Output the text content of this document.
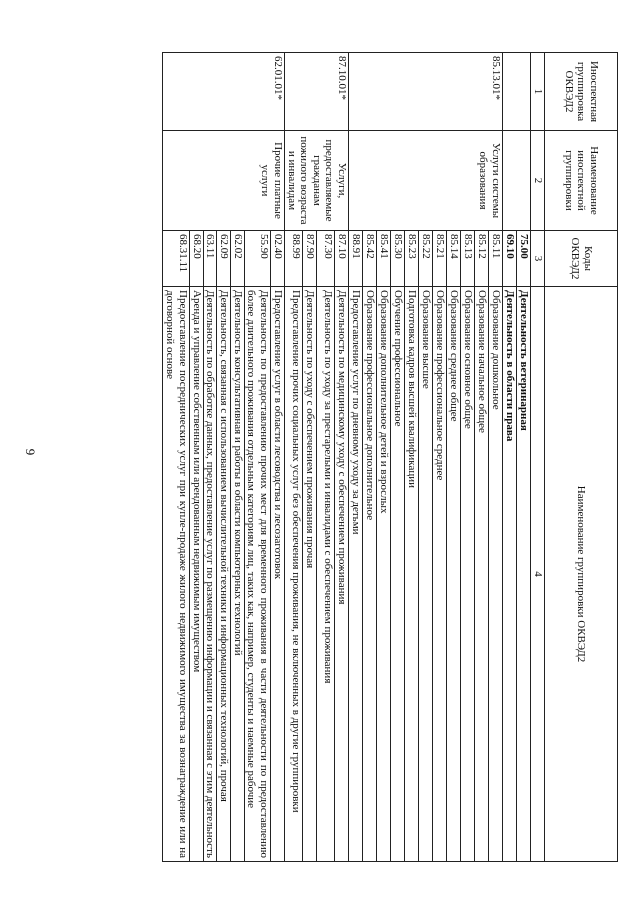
9
Иноспектная группировка ОКВЭД2	Наименование иноспектной группировки	Коды ОКВЭД2	Наименование группировки ОКВЭД2
1	2	3	4
		75.00	Деятельность ветеринарная
		69.10	Деятельность в области права
85.13.01*	Услуги системы образования	85.11	Образование дошкольное
		85.12	Образование начальное общее
		85.13	Образование основное общее
		85.14	Образование среднее общее
		85.21	Образование профессиональное среднее
		85.22	Образование высшее
		85.23	Подготовка кадров высшей квалификации
		85.30	Обучение профессиональное
		85.41	Образование дополнительное детей и взрослых
		85.42	Образование профессиональное дополнительное
		88.91	Предоставление услуг по дневному уходу за детьми
87.10.01*	Услуги, предоставляемые гражданам пожилого возраста и инвалидам	87.10	Деятельность по медицинскому уходу с обеспечением проживания
		87.30	Деятельность по уходу за престарелыми и инвалидами с обеспечением проживания
		87.90	Деятельность по уходу с обеспечением проживания прочая
		88.99	Предоставление прочих социальных услуг без обеспечения проживания, не включенных в другие группировки
62.01.01*	Прочие платные услуги	02.40	Предоставление услуг в области лесоводства и лесозаготовок
		55.90	Деятельность по предоставлению прочих мест для временного проживания в части деятельности по предоставлению более длительного проживания отдельным категориям лиц, таких как, например, студенты и наемные рабочие
		62.02	Деятельность консультативная и работы в области компьютерных технологий
		62.09	Деятельность, связанная с использованием вычислительной техники и информационных технологий, прочая
		63.11	Деятельность по обработке данных, предоставление услуг по размещению информации и связанная с этим деятельность
		68.20	Аренда и управление собственным или арендованным недвижимым имуществом
		68.31.11	Предоставление посреднических услуг при купле-продаже жилого недвижимого имущества за вознаграждение или на договорной основе
